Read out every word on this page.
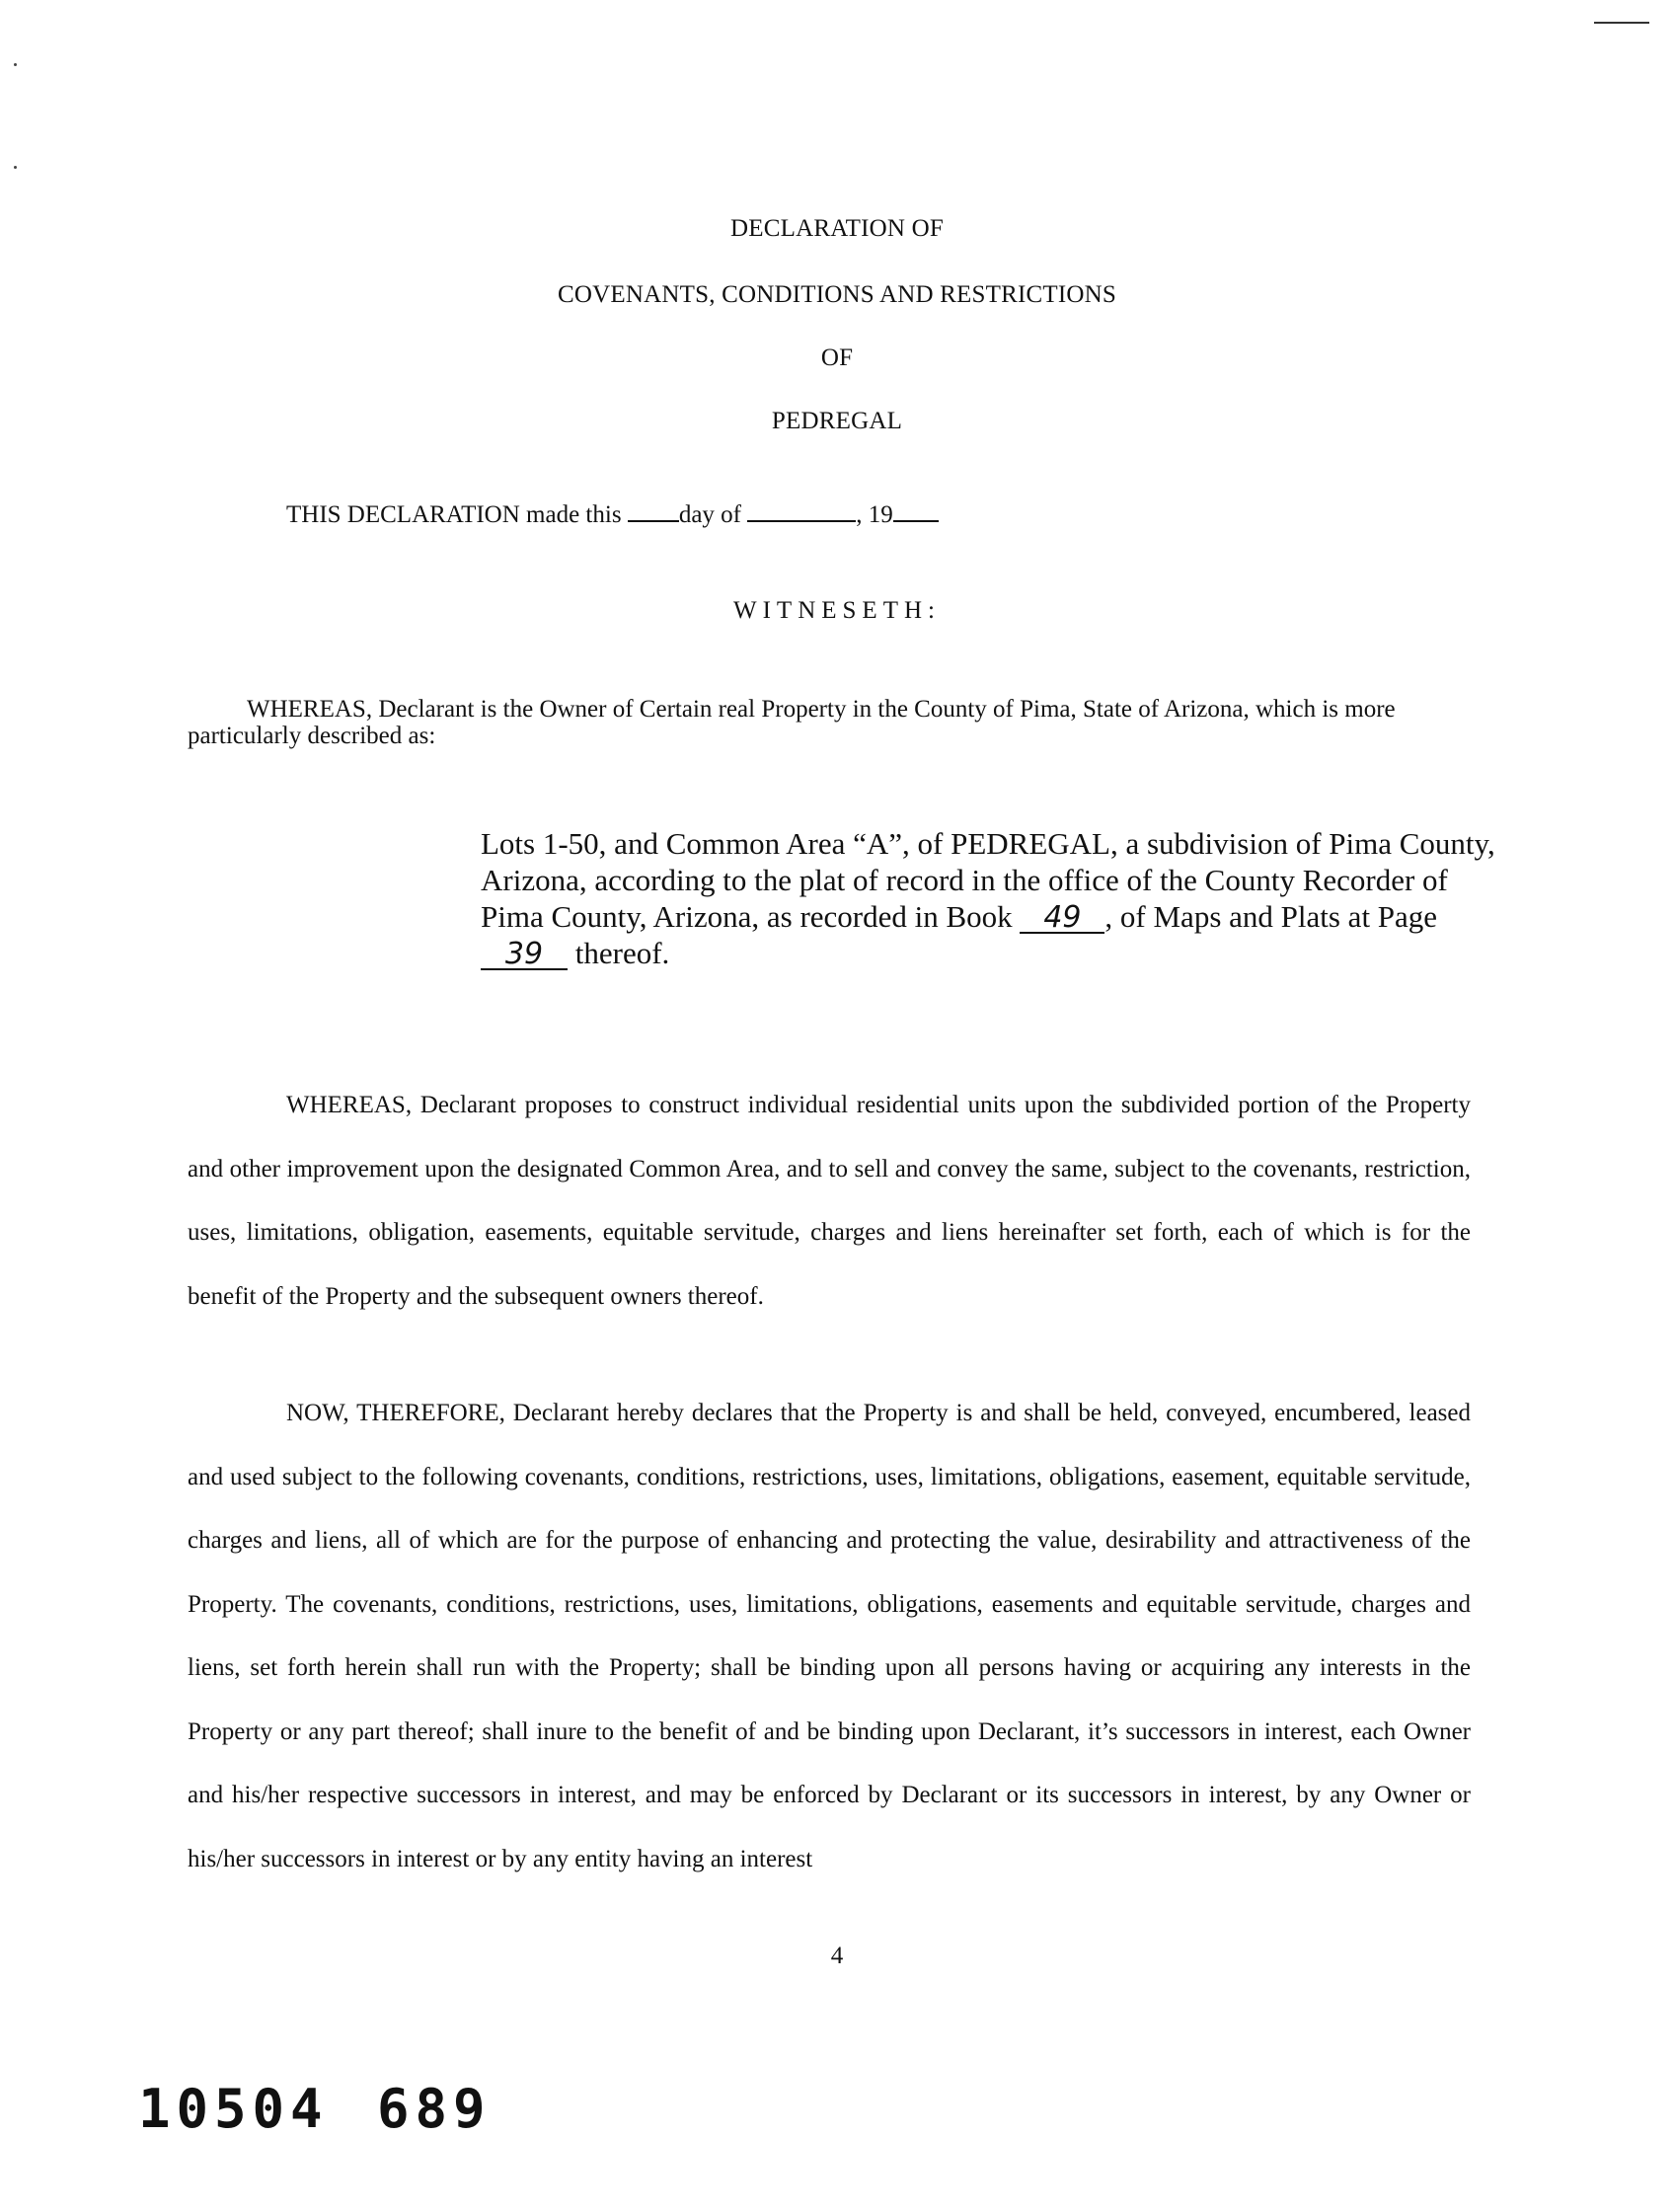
DECLARATION OF
COVENANTS, CONDITIONS AND RESTRICTIONS
OF
PEDREGAL
THIS DECLARATION made this day of	, 19
WITNESETH:
WHEREAS, Declarant is the Owner of Certain real Property in the County of Pima, State of Arizona, which is more particularly described as:
Lots 1-50, and Common Area “A”, of PEDREGAL, a subdivision of Pima County, Arizona, according to the plat of record in the office of the County Recorder of Pima County, Arizona, as recorded in Book 49 , of Maps and Plats at Page 39 thereof.
WHEREAS, Declarant proposes to construct individual residential units upon the subdivided portion of the Property and other improvement upon the designated Common Area, and to sell and convey the same, subject to the covenants, restriction, uses, limitations, obligation, easements, equitable servitude, charges and liens hereinafter set forth, each of which is for the benefit of the Property and the subsequent owners thereof.
NOW, THEREFORE, Declarant hereby declares that the Property is and shall be held, conveyed, encumbered, leased and used subject to the following covenants, conditions, restrictions, uses, limitations, obligations, easement, equitable servitude, charges and liens, all of which are for the purpose of enhancing and protecting the value, desirability and attractiveness of the Property. The covenants, conditions, restrictions, uses, limitations, obligations, easements and equitable servitude, charges and liens, set forth herein shall run with the Property; shall be binding upon all persons having or acquiring any interests in the Property or any part thereof; shall inure to the benefit of and be binding upon Declarant, it’s successors in interest, each Owner and his/her respective successors in interest, and may be enforced by Declarant or its successors in interest, by any Owner or his/her successors in interest or by any entity having an interest
4
10504 689
